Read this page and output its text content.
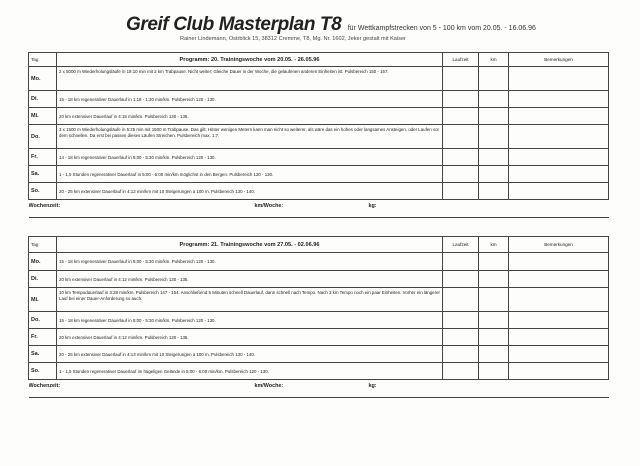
Greif Club Masterplan T8 für Wettkampfstrecken von 5 - 100 km vom 20.05. - 16.06.96
Rainer Lindemann, Ostrblick 15, 38312 Cremme, T8, Mg. Nr. 1602, Jeker gestalt mit Kaiser
Tag	Programm: 20. Trainingswoche vom 20.05. - 26.05.96	Laufzeit	km	Bemerkungen
Mo.	2 x 5000 m Wiederholungsläufe in 19:10 min mit 2 km Trabpause. Nicht weiter; Gleiche Dauer in der Woche, die gelaufenen anderen Einheiten ist. Pulsbereich 150 - 167.			
Di.	15 - 18 km regenerativer Dauerlauf in 1:18 - 1:30 min/km. Pulsbereich 120 - 130.			
Mi.	20 km extensiver Dauerlauf in 4:15 min/km. Pulsbereich 130 - 135.			
Do.	3 x 1500 m Wiederholungsläufe in 5:25 min mit 1500 m Trabpause. Das gilt: Hinter wenigen Metern kann man nicht so weiterer, als wäre das ein hohes oder langsames Ansteigen, oder Laufen vor dem schnellen. Da erst bei passen dieses Läufen Streichen. Pulsbereich max. 1:7.			
Fr.	14 - 18 km regenerativer Dauerlauf in 5:00 - 5:30 min/km. Pulsbereich 120 - 130.			
Sa.	1 - 1,5 Stunden regenerativer Dauerlauf in 5:00 - 6:00 min/km möglichst in den Bergen. Pulsbereich 120 - 130.			
So.	20 - 25 km extensiver Dauerlauf in 4:12 min/km mit 10 Steigerungen a 100 m. Pulsbereich 130 - 140.			

Wochenzeit: km/Woche: kg:				
Tag	Programm: 21. Trainingswoche vom 27.05. - 02.06.96	Laufzeit	km	Bemerkungen
Mo.	15 - 18 km regenerativer Dauerlauf in 5:00 - 5:30 min/km. Pulsbereich 120 - 130.			
Di.	20 km extensiver Dauerlauf in 4:12 min/km. Pulsbereich 130 - 135.			
Mi.	10 km Tempodauerlauf in 3:28 min/km. Pulsbereich 147 - 154. Anschließend 5 Minuten schnell Dauerlauf, dann schnell nach Tempo. Nach 3 km Tempo noch ein paar Einheiten. Vorher ein längerer Lauf bei einer Dauer-Anforderung so auch.			
Do.	15 - 18 km regenerativer Dauerlauf in 5:00 - 5:30 min/km. Pulsbereich 120 - 130.			
Fr.	20 km extensiver Dauerlauf in 4:12 min/km. Pulsbereich 130 - 135.			
Sa.	20 - 25 km extensiver Dauerlauf in 4:13 min/km mit 10 Steigerungen a 100 m. Pulsbereich 130 - 140.			
So.	1 - 1,5 Stunden regenerativer Dauerlauf im hügeligen Gelände in 5:00 - 6:00 min/km. Pulsbereich 120 - 130.			

Wochenzeit: km/Woche: kg:				
